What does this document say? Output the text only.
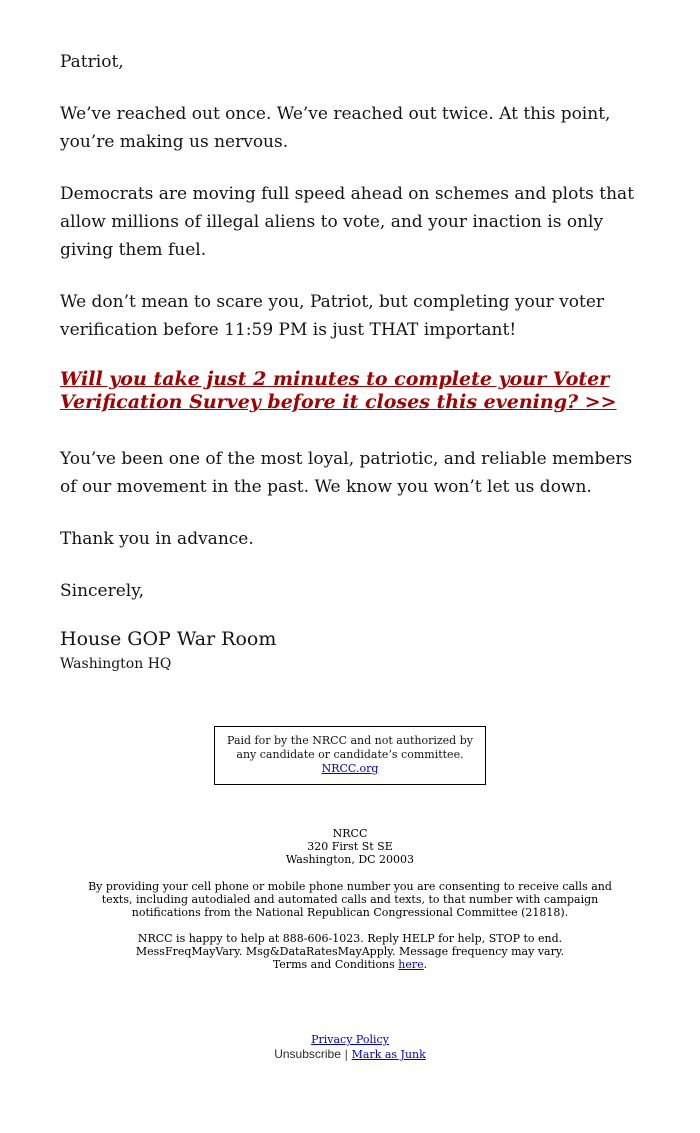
Patriot,

We’ve reached out once. We’ve reached out twice. At this point, you’re making us nervous.

Democrats are moving full speed ahead on schemes and plots that allow millions of illegal aliens to vote, and your inaction is only giving them fuel.

We don’t mean to scare you, Patriot, but completing your voter verification before 11:59 PM is just THAT important!

Will you take just 2 minutes to complete your Voter Verification Survey before it closes this evening? >>

You’ve been one of the most loyal, patriotic, and reliable members of our movement in the past. We know you won’t let us down.

Thank you in advance.

Sincerely,

House GOP War Room
Washington HQ
Paid for by the NRCC and not authorized by any candidate or candidate’s committee. NRCC.org
NRCC
320 First St SE
Washington, DC 20003

By providing your cell phone or mobile phone number you are consenting to receive calls and texts, including autodialed and automated calls and texts, to that number with campaign notifications from the National Republican Congressional Committee (21818).

NRCC is happy to help at 888-606-1023. Reply HELP for help, STOP to end. MessFreqMayVary. Msg&DataRatesMayApply. Message frequency may vary. Terms and Conditions here.

Privacy Policy
Unsubscribe | Mark as Junk
